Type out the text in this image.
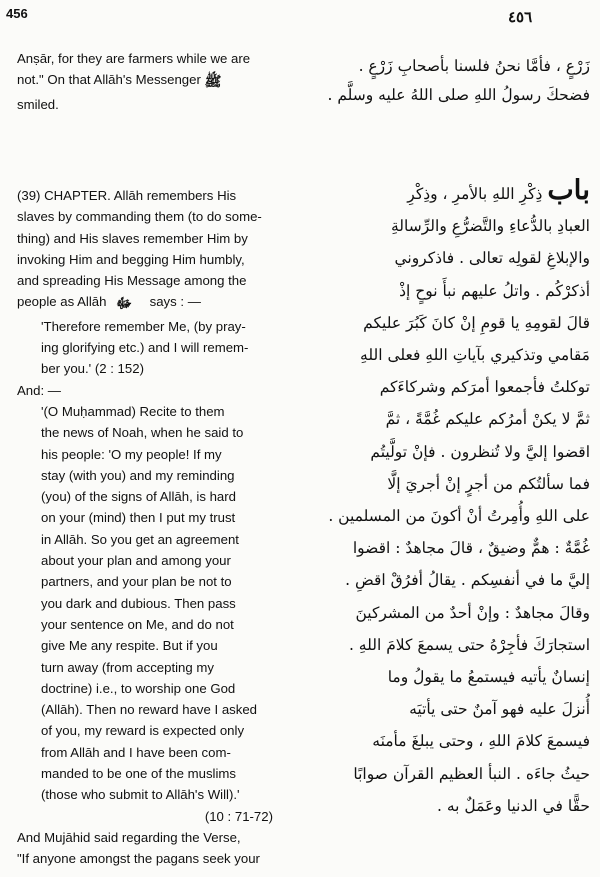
456	٤٥٦
Anṣār, for they are farmers while we are
not." On that Allāh's Messenger ﷺ
smiled.
زَرْعٍ ، فأمَّا نحنُ فلسنا بأصحابِ زَرْعٍ .
فضحكَ رسولُ اللهِ صلى اللهُ عليه وسلَّم .
(39) CHAPTER. Allāh remembers His
slaves by commanding them (to do some-
thing) and His slaves remember Him by
invoking Him and begging Him humbly,
and spreading His Message among the
people as Allāh ﷻ says : —
'Therefore remember Me, (by pray-
ing glorifying etc.) and I will remem-
ber you.' (2 : 152)
And: —
'(O Muḥammad) Recite to them
the news of Noah, when he said to
his people: 'O my people! If my
stay (with you) and my reminding
(you) of the signs of Allāh, is hard
on your (mind) then I put my trust
in Allāh. So you get an agreement
about your plan and among your
partners, and your plan be not to
you dark and dubious. Then pass
your sentence on Me, and do not
give Me any respite. But if you
turn away (from accepting my
doctrine) i.e., to worship one God
(Allāh). Then no reward have I asked
of you, my reward is expected only
from Allāh and I have been com-
manded to be one of the muslims
(those who submit to Allāh's Will).'
(10 : 71-72)
And Mujāhid said regarding the Verse,
"If anyone amongst the pagans seek your
باب ذِكْرِ اللهِ بالأمرِ ، وذِكْرِ
العبادِ بالدُّعاءِ والتَّضرُّعِ والرِّسالةِ
والإبلاغِ لقولِه تعالى . فاذكروني
أذكرْكُم . واتلُ عليهم نبأَ نوحٍ إذْ
قالَ لقومِهِ يا قومِ إنْ كانَ كَبُرَ عليكم
مَقامي وتذكيري بآياتِ اللهِ فعلى اللهِ
توكلتُ فأجمعوا أمرَكم وشركاءَكم
ثمَّ لا يكنْ أمرُكم عليكم غُمَّةً ، ثمَّ
اقضوا إليَّ ولا تُنظرون . فإنْ تولَّيتُم
فما سألتُكم من أجرٍ إنْ أجريَ إلَّا
على اللهِ وأُمِرتُ أنْ أكونَ من المسلمين .
غُمَّةٌ : همٌّ وضيقٌ ، قالَ مجاهدٌ : اقضوا
إليَّ ما في أنفسِكم . يقالُ أفرُقْ اقضِ .
وقالَ مجاهدٌ : وإنْ أحدٌ من المشركينَ
استجارَكَ فأجِرْهُ حتى يسمعَ كلامَ اللهِ .
إنسانٌ يأتيه فيستمعُ ما يقولُ وما
أُنزلَ عليه فهو آمنٌ حتى يأتيَه
فيسمعَ كلامَ اللهِ ، وحتى يبلغَ مأمنَه
حيثُ جاءَه . النبأ العظيم القرآن صوابًا
حقًّا في الدنيا وعَمَلٌ به .
